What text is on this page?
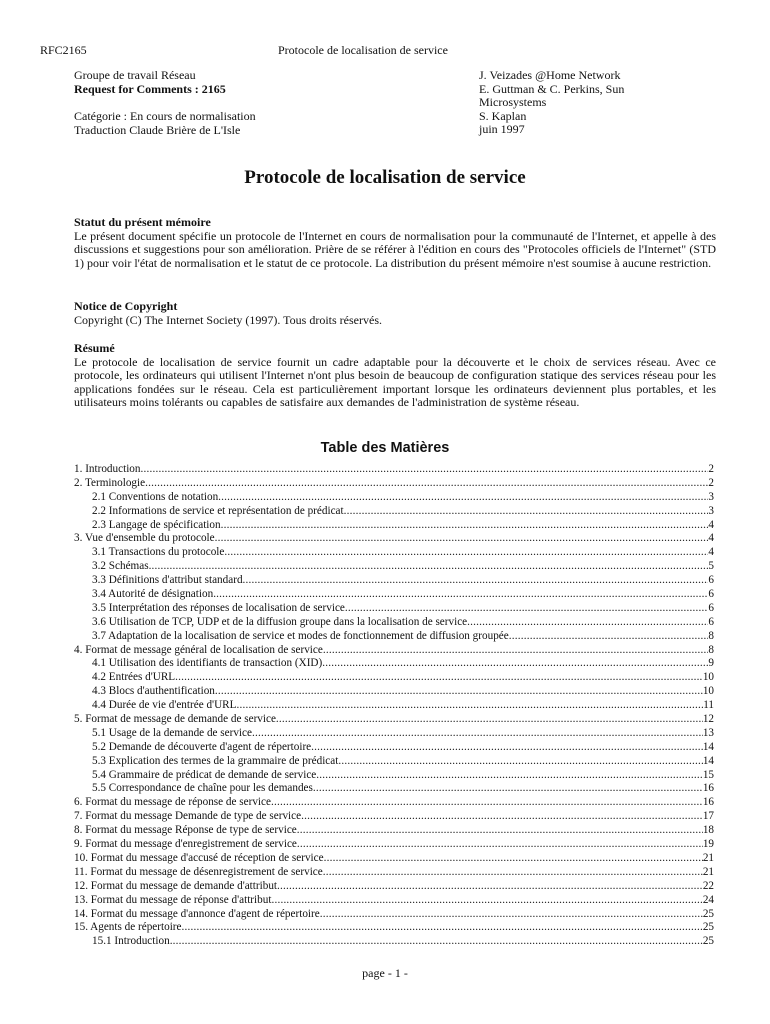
RFC2165	Protocole de localisation de service
Groupe de travail Réseau
Request for Comments : 2165
Catégorie : En cours de normalisation
Traduction Claude Brière de L'Isle
J. Veizades @Home Network
E. Guttman & C. Perkins, Sun
Microsystems
S. Kaplan
juin 1997
Protocole de localisation de service
Statut du présent mémoire

Le présent document spécifie un protocole de l'Internet en cours de normalisation pour la communauté de l'Internet, et appelle à des discussions et suggestions pour son amélioration. Prière de se référer à l'édition en cours des "Protocoles officiels de l'Internet" (STD 1) pour voir l'état de normalisation et le statut de ce protocole. La distribution du présent mémoire n'est soumise à aucune restriction.

Notice de Copyright

Copyright (C) The Internet Society (1997). Tous droits réservés.

Résumé

Le protocole de localisation de service fournit un cadre adaptable pour la découverte et le choix de services réseau. Avec ce protocole, les ordinateurs qui utilisent l'Internet n'ont plus besoin de beaucoup de configuration statique des services réseau pour les applications fondées sur le réseau. Cela est particulièrement important lorsque les ordinateurs deviennent plus portables, et les utilisateurs moins tolérants ou capables de satisfaire aux demandes de l'administration de système réseau.

Table des Matières
1. Introduction .....	2
2. Terminologie .....	2
2.1 Conventions de notation .....	3
2.2 Informations de service et représentation de prédicat .....	3
2.3 Langage de spécification .....	4
3. Vue d'ensemble du protocole .....	4
3.1 Transactions du protocole .....	4
3.2 Schémas .....	5
3.3 Définitions d'attribut standard .....	6
3.4 Autorité de désignation .....	6
3.5 Interprétation des réponses de localisation de service .....	6
3.6 Utilisation de TCP, UDP et de la diffusion groupe dans la localisation de service .....	6
3.7 Adaptation de la localisation de service et modes de fonctionnement de diffusion groupée .....	8
4. Format de message général de localisation de service .....	8
4.1 Utilisation des identifiants de transaction (XID) .....	9
4.2 Entrées d'URL .....	10
4.3 Blocs d'authentification .....	10
4.4 Durée de vie d'entrée d'URL .....	11
5. Format de message de demande de service .....	12
5.1 Usage de la demande de service .....	13
5.2 Demande de découverte d'agent de répertoire .....	14
5.3 Explication des termes de la grammaire de prédicat .....	14
5.4 Grammaire de prédicat de demande de service .....	15
5.5 Correspondance de chaîne pour les demandes .....	16
6. Format du message de réponse de service .....	16
7. Format du message Demande de type de service .....	17
8. Format du message Réponse de type de service .....	18
9. Format du message d'enregistrement de service .....	19
10. Format du message d'accusé de réception de service .....	21
11. Format du message de désenregistrement de service .....	21
12. Format du message de demande d'attribut .....	22
13. Format du message de réponse d'attribut .....	24
14. Format du message d'annonce d'agent de répertoire .....	25
15. Agents de répertoire .....	25
15.1 Introduction .....	25
page - 1 -
